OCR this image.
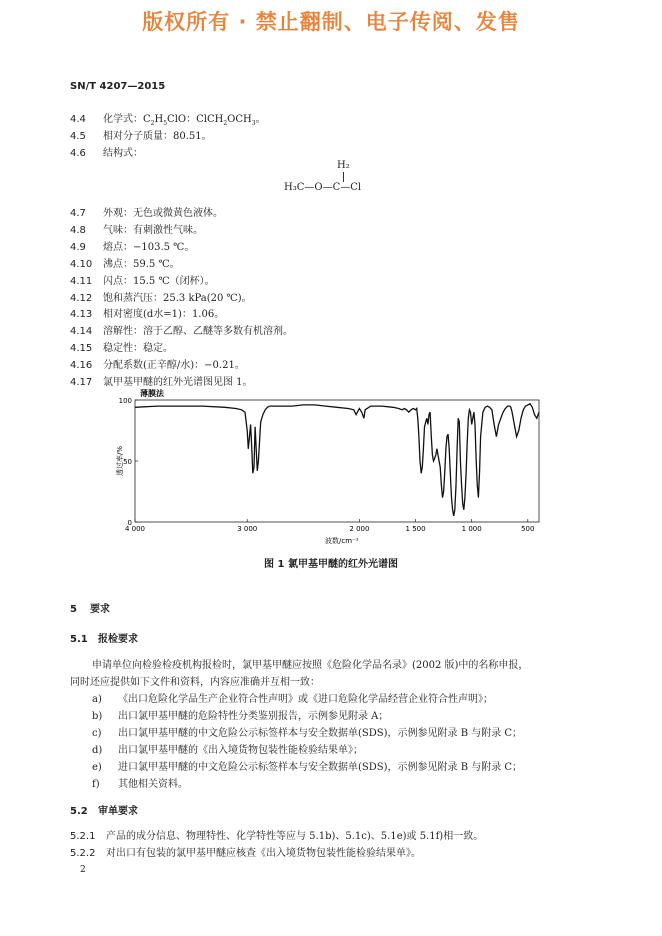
版权所有 · 禁止翻制、电子传阅、发售
SN/T 4207—2015
4.4 化学式：$C_2H_5ClO$：$ClCH_2OCH_3$。
4.5 相对分子质量：80.51。
4.6 结构式：
H₂
H₃C—O—C—Cl
4.7 外观：无色或微黄色液体。
4.8 气味：有刺激性气味。
4.9 熔点：−103.5 ℃。
4.10 沸点：59.5 ℃。
4.11 闪点：15.5 ℃（闭杯）。
4.12 饱和蒸汽压：25.3 kPa(20 ℃)。
4.13 相对密度(d水=1)：1.06。
4.14 溶解性：溶于乙醇、乙醚等多数有机溶剂。
4.15 稳定性：稳定。
4.16 分配系数(正辛醇/水)：−0.21。
4.17 氯甲基甲醚的红外光谱图见图 1。
薄膜法
0
50
100
4 000	3 000	2 000	1 500	1 000	500
透过率/%
波数/cm⁻¹
图 1 氯甲基甲醚的红外光谱图
5 要求
5.1 报检要求
申请单位向检验检疫机构报检时，氯甲基甲醚应按照《危险化学品名录》(2002 版)中的名称申报，
同时还应提供如下文件和资料，内容应准确并互相一致：
a) 《出口危险化学品生产企业符合性声明》或《进口危险化学品经营企业符合性声明》；
b) 出口氯甲基甲醚的危险特性分类鉴别报告，示例参见附录 A；
c) 出口氯甲基甲醚的中文危险公示标签样本与安全数据单(SDS)，示例参见附录 B 与附录 C；
d) 出口氯甲基甲醚的《出入境货物包装性能检验结果单》；
e) 进口氯甲基甲醚的中文危险公示标签样本与安全数据单(SDS)，示例参见附录 B 与附录 C；
f) 其他相关资料。
5.2 审单要求
5.2.1 产品的成分信息、物理特性、化学特性等应与 5.1b)、5.1c)、5.1e)或 5.1f)相一致。
5.2.2 对出口有包装的氯甲基甲醚应核查《出入境货物包装性能检验结果单》。
2
